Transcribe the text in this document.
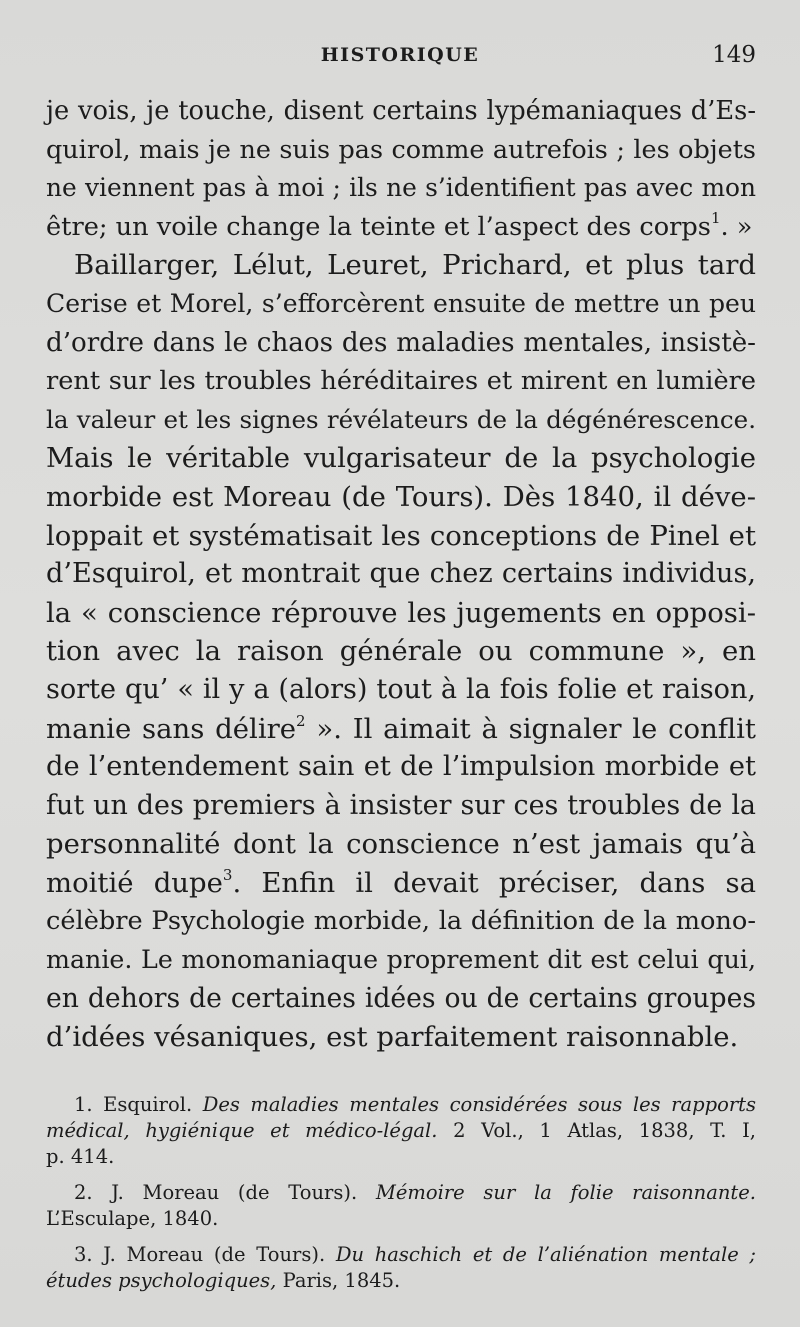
HISTORIQUE	149
je vois, je touche, disent certains lypémaniaques d’Es-
quirol, mais je ne suis pas comme autrefois ; les objets
ne viennent pas à moi ; ils ne s’identifient pas avec mon
être; un voile change la teinte et l’aspect des corps$^1$. »
Baillarger, Lélut, Leuret, Prichard, et plus tard
Cerise et Morel, s’efforcèrent ensuite de mettre un peu
d’ordre dans le chaos des maladies mentales, insistè-
rent sur les troubles héréditaires et mirent en lumière
la valeur et les signes révélateurs de la dégénérescence.
Mais le véritable vulgarisateur de la psychologie
morbide est Moreau (de Tours). Dès 1840, il déve-
loppait et systématisait les conceptions de Pinel et
d’Esquirol, et montrait que chez certains individus,
la « conscience réprouve les jugements en opposi-
tion avec la raison générale ou commune », en
sorte qu’ « il y a (alors) tout à la fois folie et raison,
manie sans délire$^2$ ». Il aimait à signaler le conflit
de l’entendement sain et de l’impulsion morbide et
fut un des premiers à insister sur ces troubles de la
personnalité dont la conscience n’est jamais qu’à
moitié dupe$^3$. Enfin il devait préciser, dans sa
célèbre Psychologie morbide, la définition de la mono-
manie. Le monomaniaque proprement dit est celui qui,
en dehors de certaines idées ou de certains groupes
d’idées vésaniques, est parfaitement raisonnable.
1. Esquirol. Des maladies mentales considérées sous les rapports
médical, hygiénique et médico-légal. 2 Vol., 1 Atlas, 1838, T. I,
p. 414.
2. J. Moreau (de Tours). Mémoire sur la folie raisonnante.
L’Esculape, 1840.
3. J. Moreau (de Tours). Du haschich et de l’aliénation mentale ;
études psychologiques, Paris, 1845.
